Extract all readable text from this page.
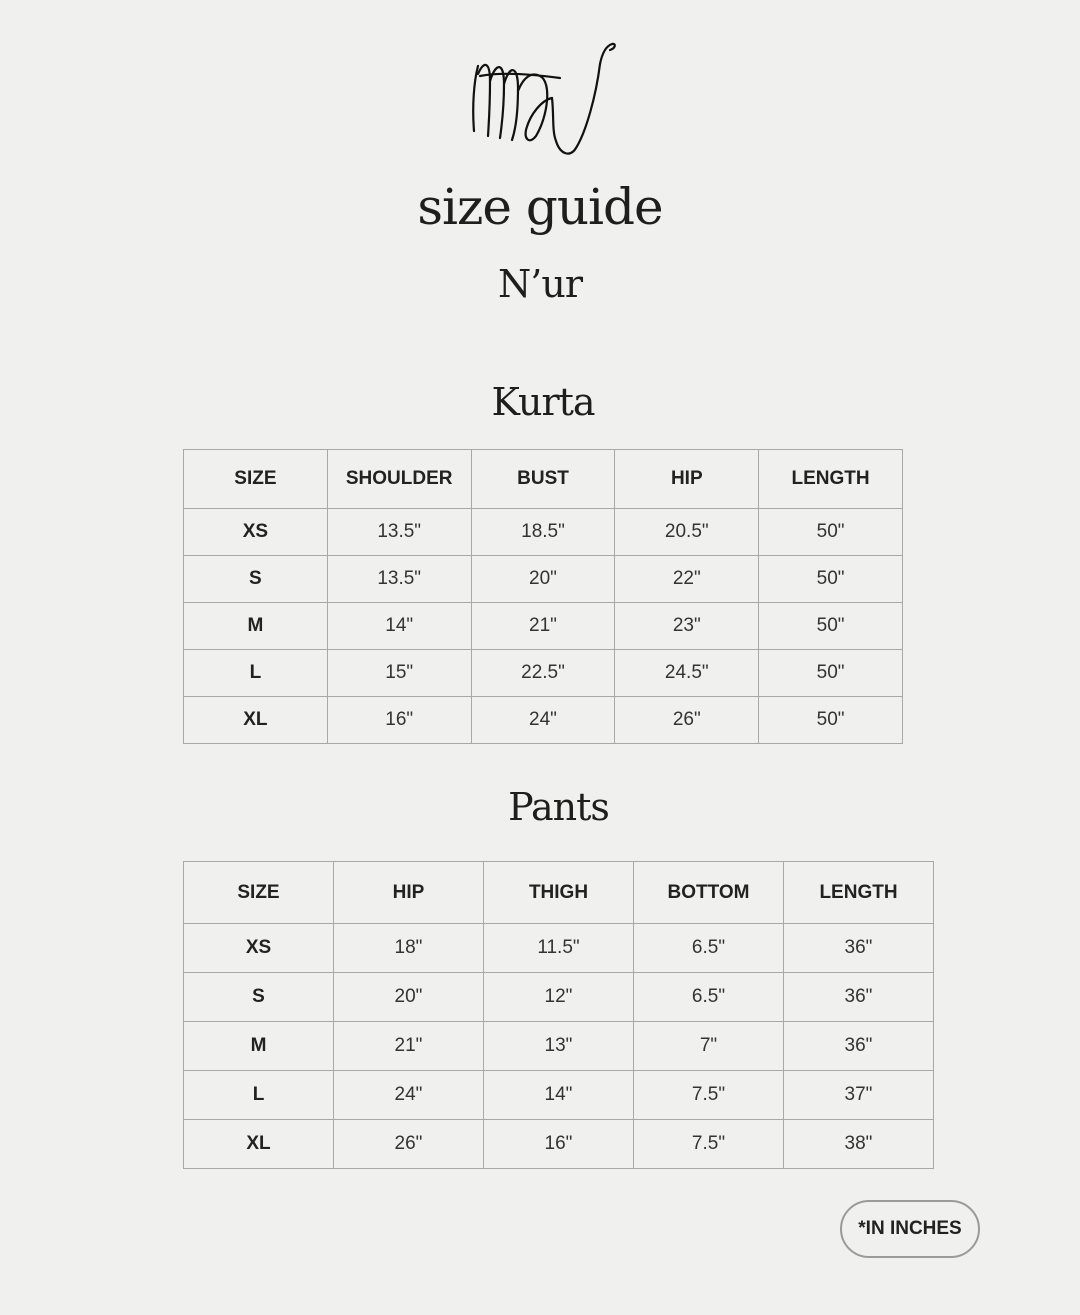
size guide
N’ur
Kurta
SIZE	SHOULDER	BUST	HIP	LENGTH
XS	13.5"	18.5"	20.5"	50"
S	13.5"	20"	22"	50"
M	14"	21"	23"	50"
L	15"	22.5"	24.5"	50"
XL	16"	24"	26"	50"
Pants
SIZE	HIP	THIGH	BOTTOM	LENGTH
XS	18"	11.5"	6.5"	36"
S	20"	12"	6.5"	36"
M	21"	13"	7"	36"
L	24"	14"	7.5"	37"
XL	26"	16"	7.5"	38"
*IN INCHES
